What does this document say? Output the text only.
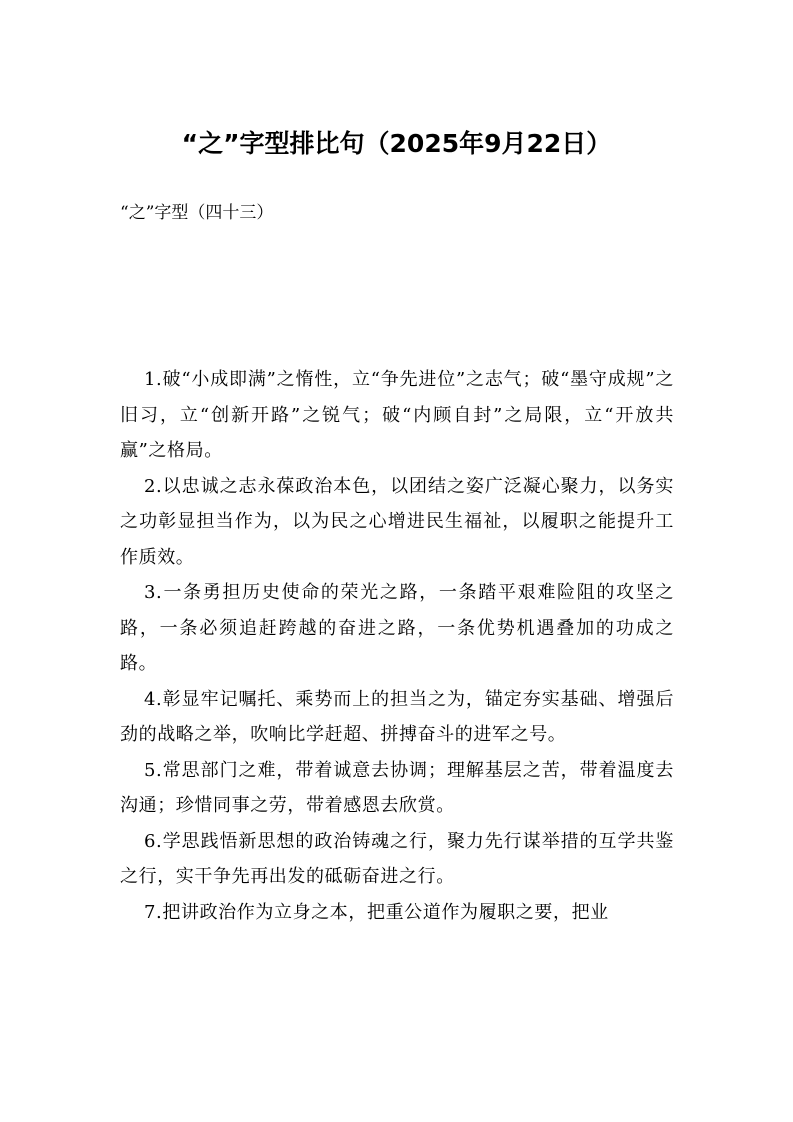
“之”字型排比句（2025年9月22日）

“之”字型（四十三）

1.破“小成即满”之惰性，立“争先进位”之志气；破“墨守成规”之旧习，立“创新开路”之锐气；破“内顾自封”之局限，立“开放共赢”之格局。

2.以忠诚之志永葆政治本色，以团结之姿广泛凝心聚力，以务实之功彰显担当作为，以为民之心增进民生福祉，以履职之能提升工作质效。

3.一条勇担历史使命的荣光之路，一条踏平艰难险阻的攻坚之路，一条必须追赶跨越的奋进之路，一条优势机遇叠加的功成之路。

4.彰显牢记嘱托、乘势而上的担当之为，锚定夯实基础、增强后劲的战略之举，吹响比学赶超、拼搏奋斗的进军之号。

5.常思部门之难，带着诚意去协调；理解基层之苦，带着温度去沟通；珍惜同事之劳，带着感恩去欣赏。

6.学思践悟新思想的政治铸魂之行，聚力先行谋举措的互学共鉴之行，实干争先再出发的砥砺奋进之行。

7.把讲政治作为立身之本，把重公道作为履职之要，把业
